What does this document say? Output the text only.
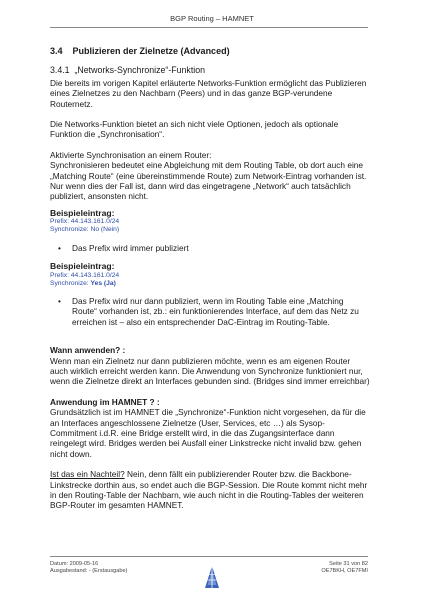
BGP Routing – HAMNET

3.4 Publizieren der Zielnetze (Advanced)

3.4.1 „Networks-Synchronize“-Funktion

Die bereits im vorigen Kapitel erläuterte Networks-Funktion ermöglicht das Publizieren eines Zielnetzes zu den Nachbarn (Peers) und in das ganze BGP-verundene Routernetz.

Die Networks-Funktion bietet an sich nicht viele Optionen, jedoch als optionale Funktion die „Synchronisation“.

Aktivierte Synchronisation an einem Router:

Synchronisieren bedeutet eine Abgleichung mit dem Routing Table, ob dort auch eine „Matching Route“ (eine übereinstimmende Route) zum Network-Eintrag vorhanden ist. Nur wenn dies der Fall ist, dann wird das eingetragene „Network“ auch tatsächlich publiziert, ansonsten nicht.

Beispieleintrag:

Prefix: 44.143.161.0/24

Synchronize: No (Nein)

• Das Prefix wird immer publiziert

Beispieleintrag:

Prefix: 44.143.161.0/24

Synchronize: Yes (Ja)

• Das Prefix wird nur dann publiziert, wenn im Routing Table eine „Matching Route“ vorhanden ist, zb.: ein funktionierendes Interface, auf dem das Netz zu erreichen ist – also ein entsprechender DaC-Eintrag im Routing-Table.

Wann anwenden? :

Wenn man ein Zielnetz nur dann publizieren möchte, wenn es am eigenen Router auch wirklich erreicht werden kann. Die Anwendung von Synchronize funktioniert nur, wenn die Zielnetze direkt an Interfaces gebunden sind. (Bridges sind immer erreichbar)

Anwendung im HAMNET ? :

Grundsätzlich ist im HAMNET die „Synchronize“-Funktion nicht vorgesehen, da für die an Interfaces angeschlossene Zielnetze (User, Services, etc …) als Sysop-Commitment i.d.R. eine Bridge erstellt wird, in die das Zugangsinterface dann reingelegt wird. Bridges werden bei Ausfall einer Linkstrecke nicht invalid bzw. gehen nicht down.

Ist das ein Nachteil? Nein, denn fällt ein publizierender Router bzw. die Backbone-Linkstrecke dorthin aus, so endet auch die BGP-Session. Die Route kommt nicht mehr in den Routing-Table der Nachbarn, wie auch nicht in die Routing-Tables der weiteren BGP-Router im gesamten HAMNET.

Datum: 2009-05-16
Ausgabestand: - (Erstausgabe)
Seite 31 von 82
OE7BKH, OE7FMI
